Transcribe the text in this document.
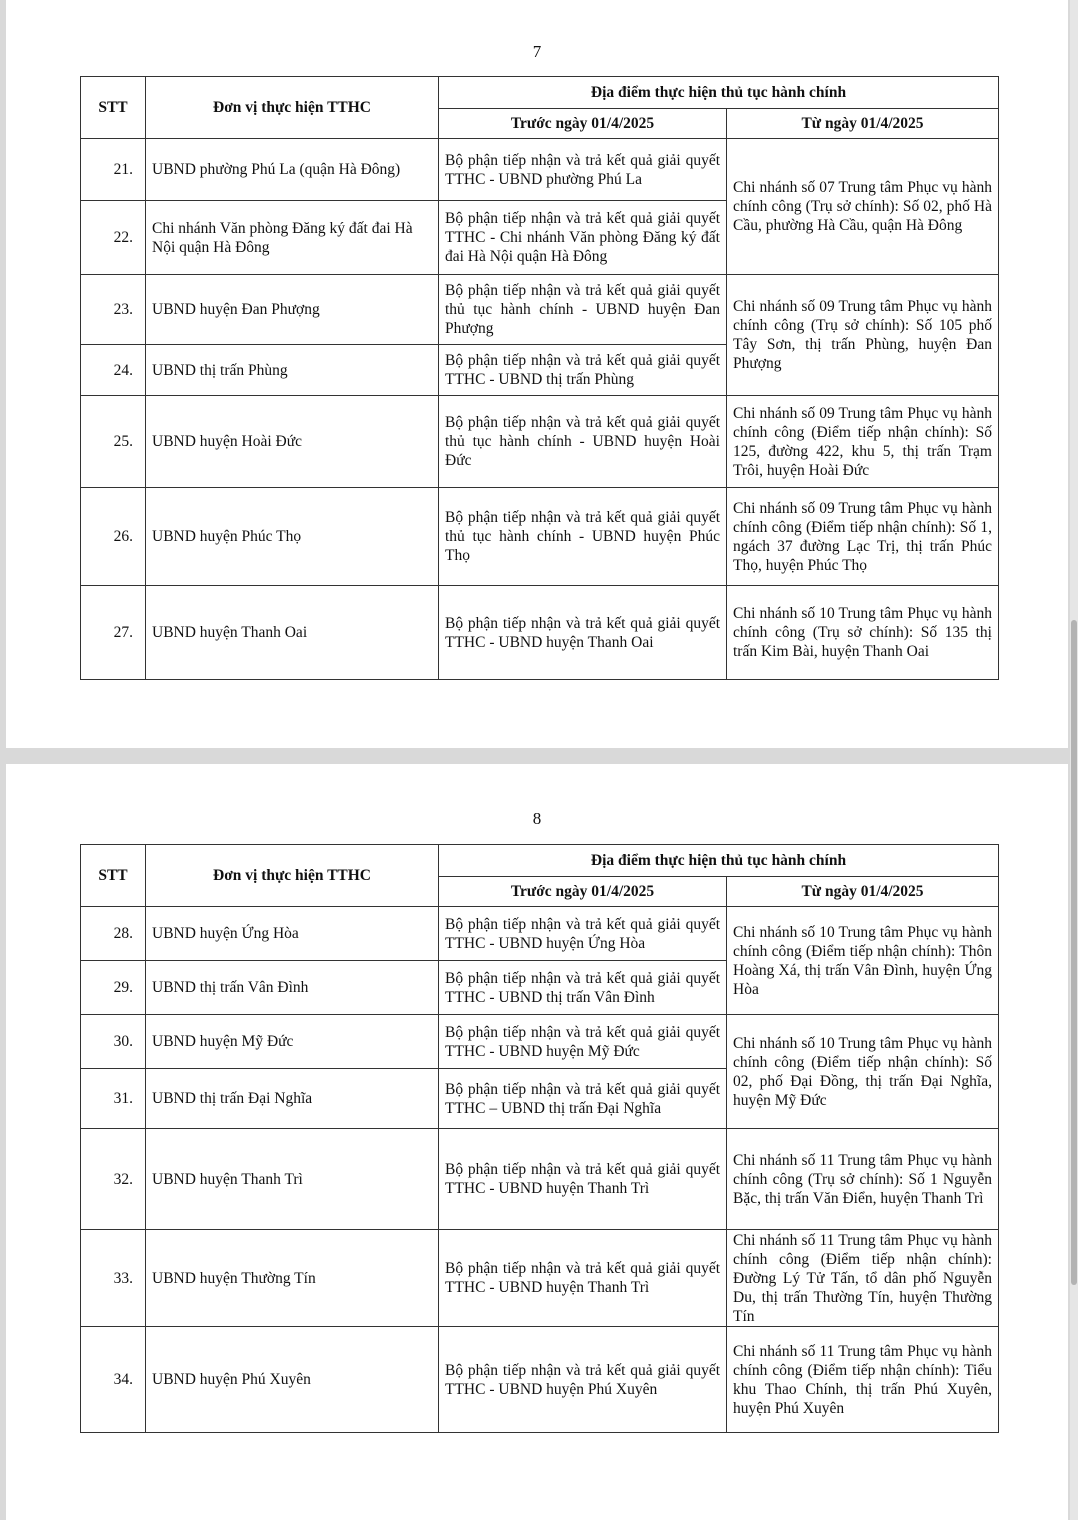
7
STT	Đơn vị thực hiện TTHC	Địa điểm thực hiện thủ tục hành chính	
		Trước ngày 01/4/2025	Từ ngày 01/4/2025
21.	UBND phường Phú La (quận Hà Đông)	Bộ phận tiếp nhận và trả kết quả giải quyết TTHC - UBND phường Phú La	Chi nhánh số 07 Trung tâm Phục vụ hành chính công (Trụ sở chính): Số 02, phố Hà Cầu, phường Hà Cầu, quận Hà Đông
22.	Chi nhánh Văn phòng Đăng ký đất đai Hà Nội quận Hà Đông	Bộ phận tiếp nhận và trả kết quả giải quyết TTHC - Chi nhánh Văn phòng Đăng ký đất đai Hà Nội quận Hà Đông	
23.	UBND huyện Đan Phượng	Bộ phận tiếp nhận và trả kết quả giải quyết thủ tục hành chính - UBND huyện Đan Phượng	Chi nhánh số 09 Trung tâm Phục vụ hành chính công (Trụ sở chính): Số 105 phố Tây Sơn, thị trấn Phùng, huyện Đan Phượng
24.	UBND thị trấn Phùng	Bộ phận tiếp nhận và trả kết quả giải quyết TTHC - UBND thị trấn Phùng	
25.	UBND huyện Hoài Đức	Bộ phận tiếp nhận và trả kết quả giải quyết thủ tục hành chính - UBND huyện Hoài Đức	Chi nhánh số 09 Trung tâm Phục vụ hành chính công (Điểm tiếp nhận chính): Số 125, đường 422, khu 5, thị trấn Trạm Trôi, huyện Hoài Đức
26.	UBND huyện Phúc Thọ	Bộ phận tiếp nhận và trả kết quả giải quyết thủ tục hành chính - UBND huyện Phúc Thọ	Chi nhánh số 09 Trung tâm Phục vụ hành chính công (Điểm tiếp nhận chính): Số 1, ngách 37 đường Lạc Trị, thị trấn Phúc Thọ, huyện Phúc Thọ
27.	UBND huyện Thanh Oai	Bộ phận tiếp nhận và trả kết quả giải quyết TTHC - UBND huyện Thanh Oai	Chi nhánh số 10 Trung tâm Phục vụ hành chính công (Trụ sở chính): Số 135 thị trấn Kim Bài, huyện Thanh Oai
8
STT	Đơn vị thực hiện TTHC	Địa điểm thực hiện thủ tục hành chính	
		Trước ngày 01/4/2025	Từ ngày 01/4/2025
28.	UBND huyện Ứng Hòa	Bộ phận tiếp nhận và trả kết quả giải quyết TTHC - UBND huyện Ứng Hòa	Chi nhánh số 10 Trung tâm Phục vụ hành chính công (Điểm tiếp nhận chính): Thôn Hoàng Xá, thị trấn Vân Đình, huyện Ứng Hòa
29.	UBND thị trấn Vân Đình	Bộ phận tiếp nhận và trả kết quả giải quyết TTHC - UBND thị trấn Vân Đình	
30.	UBND huyện Mỹ Đức	Bộ phận tiếp nhận và trả kết quả giải quyết TTHC - UBND huyện Mỹ Đức	Chi nhánh số 10 Trung tâm Phục vụ hành chính công (Điểm tiếp nhận chính): Số 02, phố Đại Đồng, thị trấn Đại Nghĩa, huyện Mỹ Đức
31.	UBND thị trấn Đại Nghĩa	Bộ phận tiếp nhận và trả kết quả giải quyết TTHC – UBND thị trấn Đại Nghĩa	
32.	UBND huyện Thanh Trì	Bộ phận tiếp nhận và trả kết quả giải quyết TTHC - UBND huyện Thanh Trì	Chi nhánh số 11 Trung tâm Phục vụ hành chính công (Trụ sở chính): Số 1 Nguyễn Bặc, thị trấn Văn Điển, huyện Thanh Trì
33.	UBND huyện Thường Tín	Bộ phận tiếp nhận và trả kết quả giải quyết TTHC - UBND huyện Thanh Trì	Chi nhánh số 11 Trung tâm Phục vụ hành chính công (Điểm tiếp nhận chính): Đường Lý Tử Tấn, tổ dân phố Nguyễn Du, thị trấn Thường Tín, huyện Thường Tín
34.	UBND huyện Phú Xuyên	Bộ phận tiếp nhận và trả kết quả giải quyết TTHC - UBND huyện Phú Xuyên	Chi nhánh số 11 Trung tâm Phục vụ hành chính công (Điểm tiếp nhận chính): Tiểu khu Thao Chính, thị trấn Phú Xuyên, huyện Phú Xuyên
